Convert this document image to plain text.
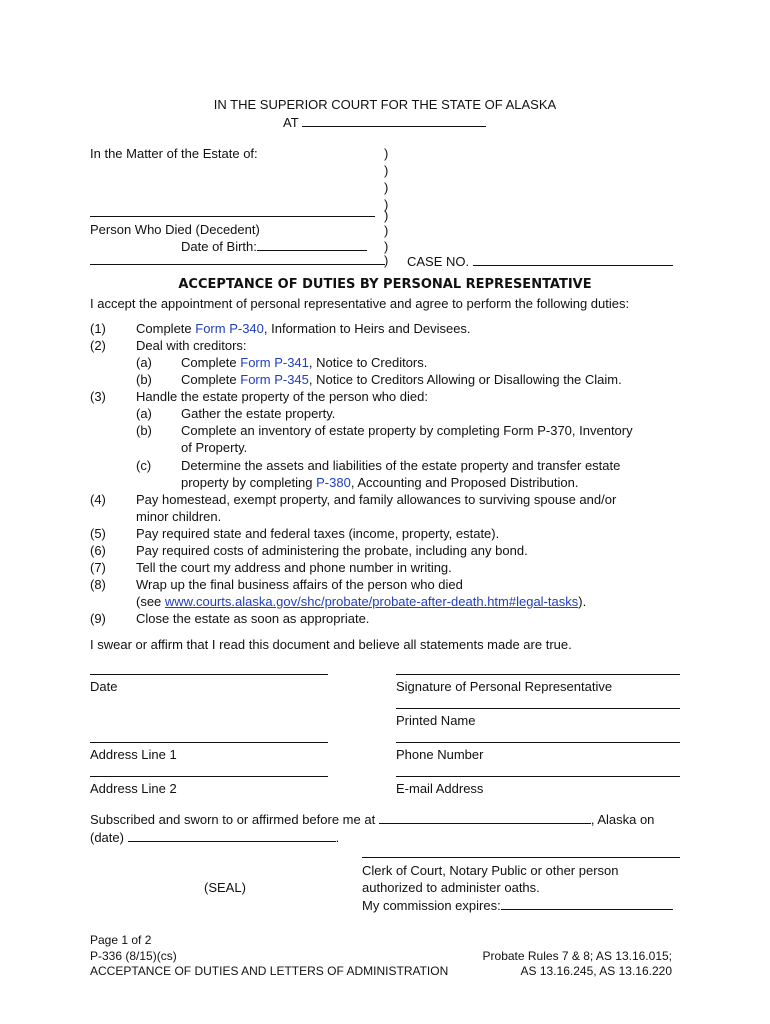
IN THE SUPERIOR COURT FOR THE STATE OF ALASKA
AT
In the Matter of the Estate of:	)
)
)
)
)
)
)
)
Person Who Died (Decedent)
Date of Birth:
CASE NO.
ACCEPTANCE OF DUTIES BY PERSONAL REPRESENTATIVE
I accept the appointment of personal representative and agree to perform the following duties:
(1) Complete Form P-340, Information to Heirs and Devisees.
(2) Deal with creditors:
(a) Complete Form P-341, Notice to Creditors.
(b) Complete Form P-345, Notice to Creditors Allowing or Disallowing the Claim.
(3) Handle the estate property of the person who died:
(a) Gather the estate property.
(b) Complete an inventory of estate property by completing Form P-370, Inventory
of Property.
(c) Determine the assets and liabilities of the estate property and transfer estate
property by completing P-380, Accounting and Proposed Distribution.
(4) Pay homestead, exempt property, and family allowances to surviving spouse and/or
minor children.
(5) Pay required state and federal taxes (income, property, estate).
(6) Pay required costs of administering the probate, including any bond.
(7) Tell the court my address and phone number in writing.
(8) Wrap up the final business affairs of the person who died
(see www.courts.alaska.gov/shc/probate/probate-after-death.htm#legal-tasks).
(9) Close the estate as soon as appropriate.
I swear or affirm that I read this document and believe all statements made are true.
Date	Signature of Personal Representative
Printed Name
Address Line 1	Phone Number
Address Line 2	E-mail Address
Subscribed and sworn to or affirmed before me at	, Alaska on
(date)	.
Clerk of Court, Notary Public or other person
(SEAL)	authorized to administer oaths.
My commission expires:
Page 1 of 2
P-336 (8/15)(cs)
ACCEPTANCE OF DUTIES AND LETTERS OF ADMINISTRATION
Probate Rules 7 & 8; AS 13.16.015;
AS 13.16.245, AS 13.16.220
